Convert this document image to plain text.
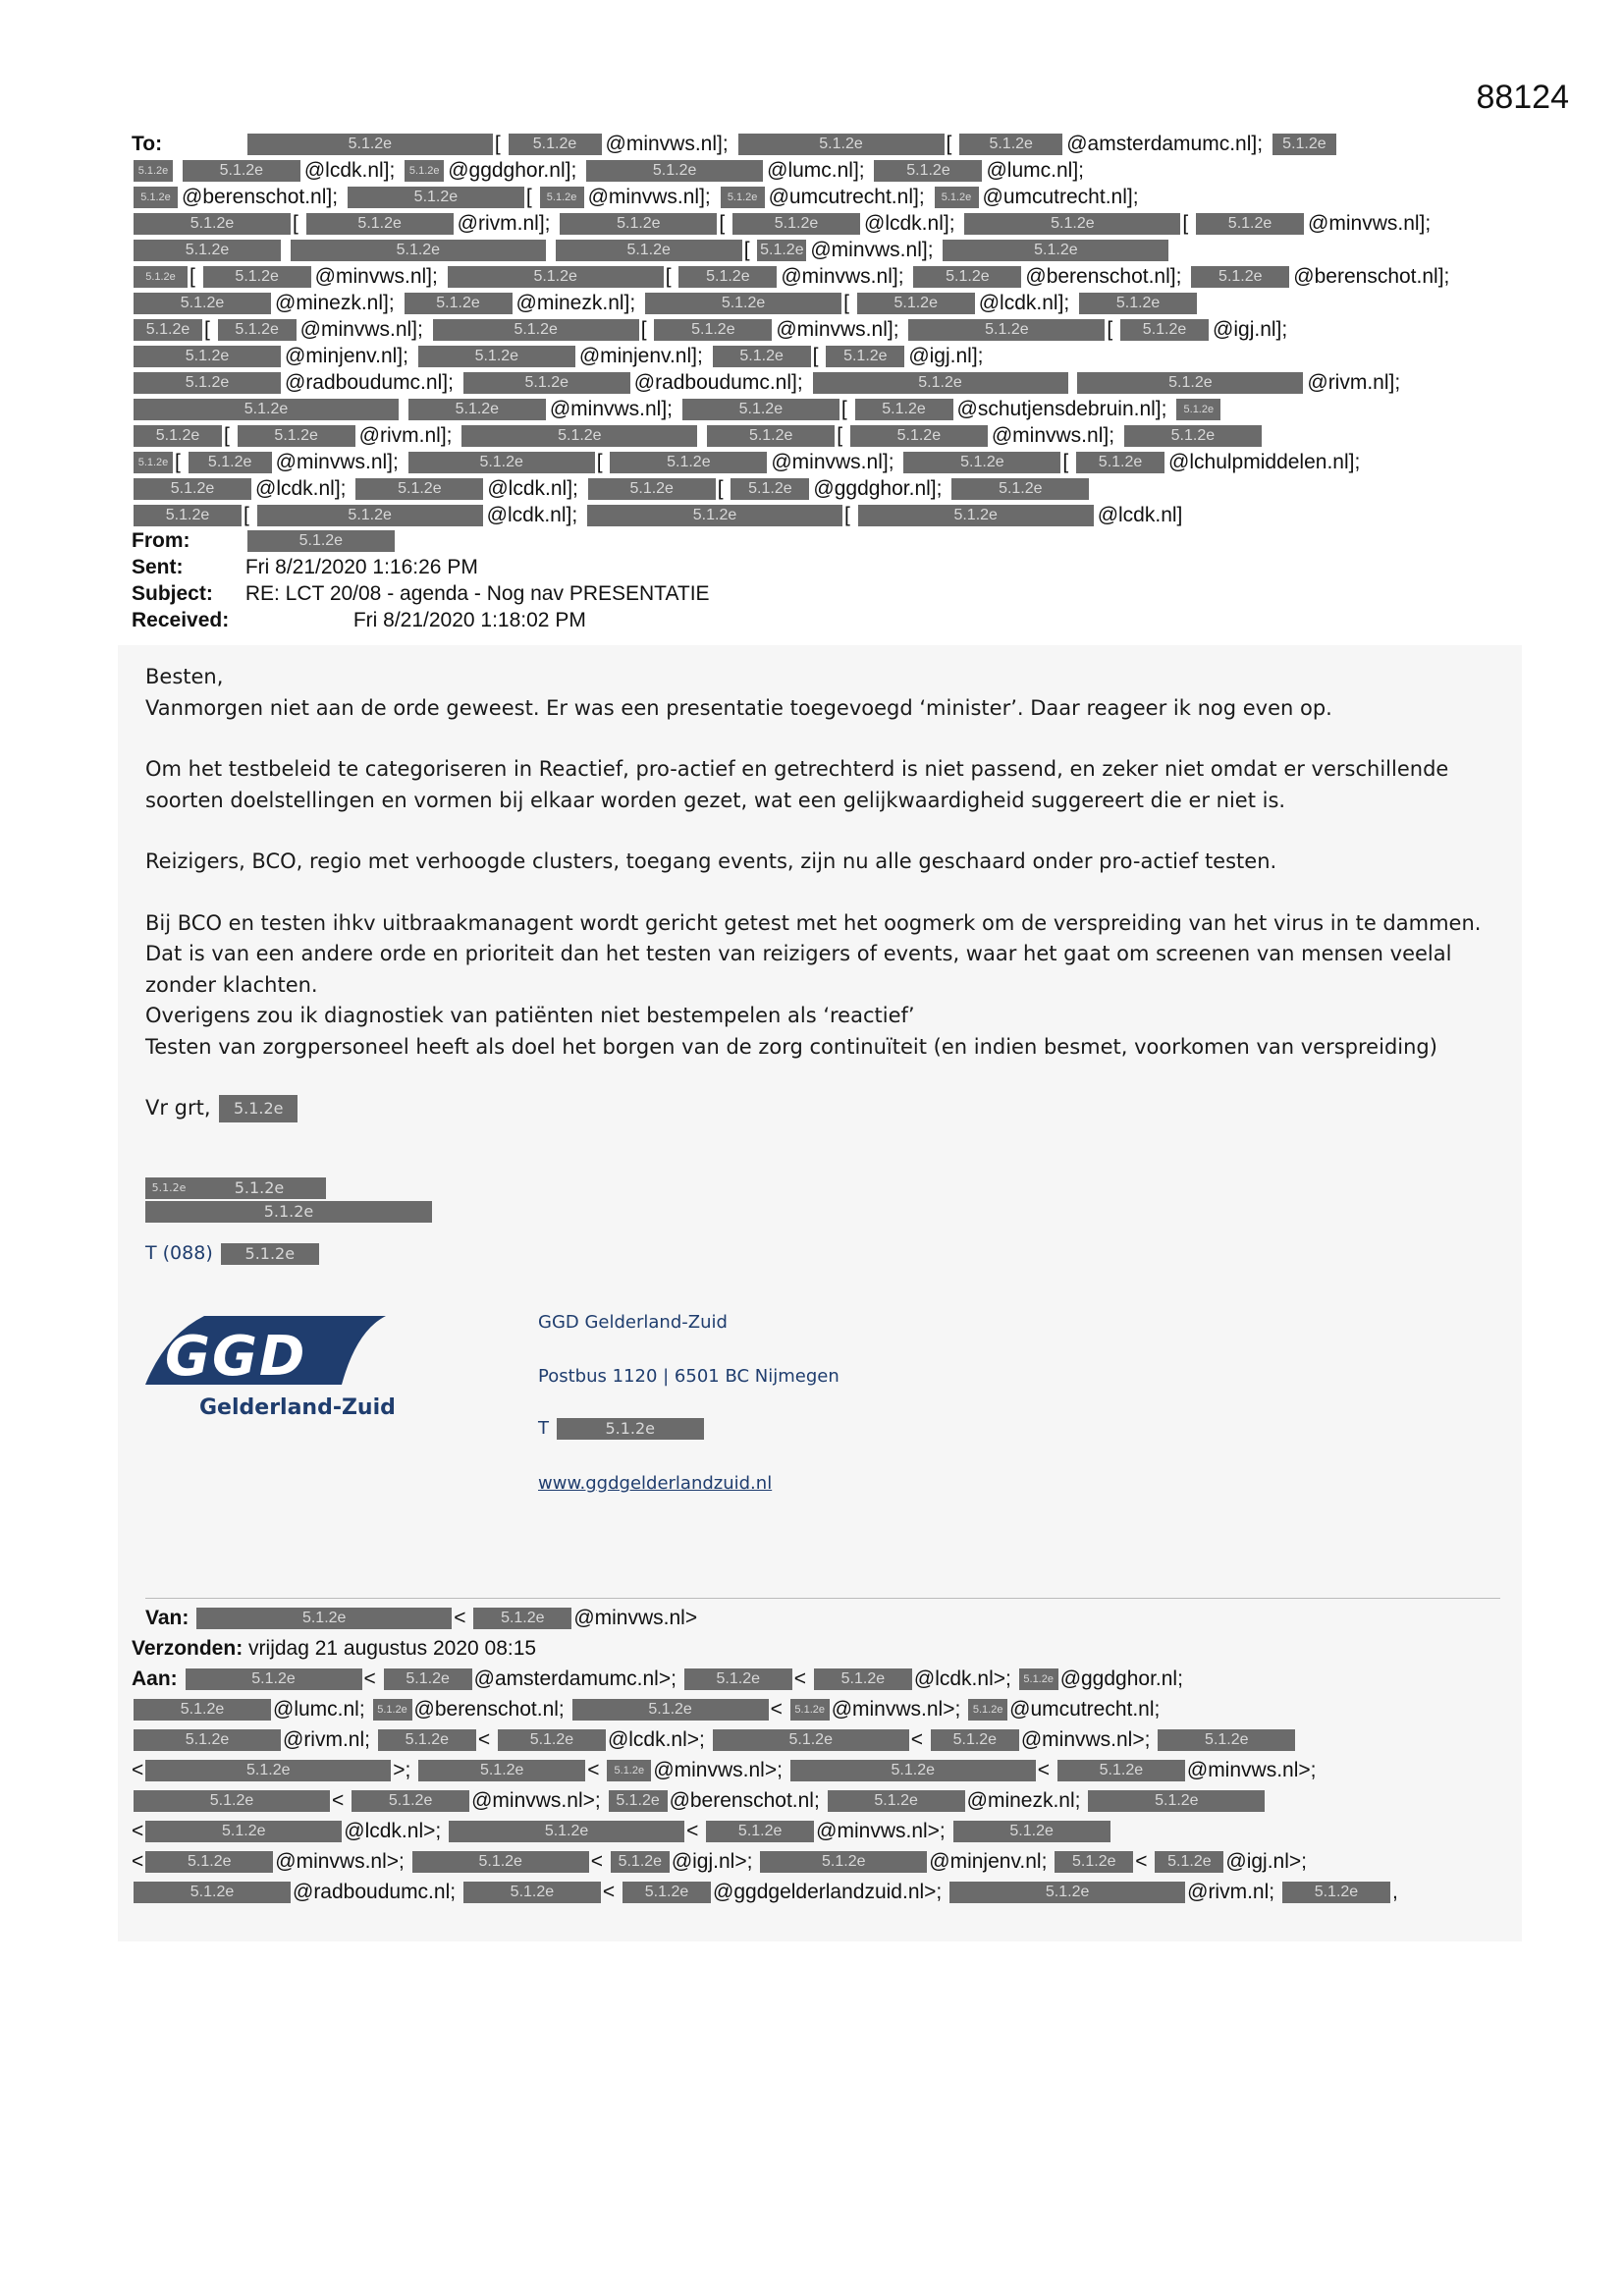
88124
To:	5.1.2e	[ 5.1.2e @minvws.nl];	5.1.2e	[ 5.1.2e @amsterdamumc.nl]; 5.1.2e
5.1.2e	5.1.2e @lcdk.nl]; 5.1.2e @ggdghor.nl];	5.1.2e	@lumc.nl];	5.1.2e @lumc.nl];
5.1.2e @berenschot.nl];	5.1.2e	[ 5.1.2e @minvws.nl]; 5.1.2e @umcutrecht.nl]; 5.1.2e @umcutrecht.nl];
5.1.2e	[	5.1.2e	@rivm.nl];	5.1.2e	[	5.1.2e @lcdk.nl];	5.1.2e	[ 5.1.2e @minvws.nl];
5.1.2e	5.1.2e	5.1.2e	[ 5.1.2e @minvws.nl];	5.1.2e
5.1.2e [ 5.1.2e @minvws.nl];	5.1.2e	[ 5.1.2e @minvws.nl];	5.1.2e @berenschot.nl]; 5.1.2e @berenschot.nl];
5.1.2e @minezk.nl];	5.1.2e @minezk.nl];	5.1.2e	[ 5.1.2e @lcdk.nl];	5.1.2e
5.1.2e [ 5.1.2e @minvws.nl];	5.1.2e	[ 5.1.2e @minvws.nl];	5.1.2e	[ 5.1.2e @igj.nl];
5.1.2e	@minjenv.nl];	5.1.2e	@minjenv.nl]; 5.1.2e [ 5.1.2e @igj.nl];
5.1.2e	@radboudumc.nl];	5.1.2e	@radboudumc.nl];	5.1.2e	5.1.2e	@rivm.nl];
5.1.2e	5.1.2e @minvws.nl];	5.1.2e	[ 5.1.2e @schutjensdebruin.nl]; 5.1.2e
5.1.2e [ 5.1.2e @rivm.nl];	5.1.2e	5.1.2e [	5.1.2e @minvws.nl];	5.1.2e
5.1.2e [ 5.1.2e @minvws.nl];	5.1.2e	[	5.1.2e	@minvws.nl];	5.1.2e	[ 5.1.2e @lchulpmiddelen.nl];
5.1.2e @lcdk.nl];	5.1.2e @lcdk.nl];	5.1.2e [ 5.1.2e @ggdghor.nl];	5.1.2e
5.1.2e [	5.1.2e	@lcdk.nl];	5.1.2e	[	5.1.2e	@lcdk.nl]
From:	5.1.2e
Sent:	Fri 8/21/2020 1:16:26 PM
Subject: RE: LCT 20/08 - agenda - Nog nav PRESENTATIE
Received:	Fri 8/21/2020 1:18:02 PM
Besten,

Vanmorgen niet aan de orde geweest. Er was een presentatie toegevoegd ‘minister’. Daar reageer ik nog even op.

Om het testbeleid te categoriseren in Reactief, pro-actief en getrechterd is niet passend, en zeker niet omdat er verschillende soorten doelstellingen en vormen bij elkaar worden gezet, wat een gelijkwaardigheid suggereert die er niet is.

Reizigers, BCO, regio met verhoogde clusters, toegang events, zijn nu alle geschaard onder pro-actief testen.

Bij BCO en testen ihkv uitbraakmanagent wordt gericht getest met het oogmerk om de verspreiding van het virus in te dammen.
Dat is van een andere orde en prioriteit dan het testen van reizigers of events, waar het gaat om screenen van mensen veelal zonder klachten.
Overigens zou ik diagnostiek van patiënten niet bestempelen als ‘reactief’

Testen van zorgpersoneel heeft als doel het borgen van de zorg continuïteit (en indien besmet, voorkomen van verspreiding)

Vr grt, 5.1.2e
5.1.2e	5.1.2e
5.1.2e
T (088) 5.1.2e
GGD
Gelderland-Zuid
GGD Gelderland-Zuid
Postbus 1120 | 6501 BC Nijmegen
T	5.1.2e
www.ggdgelderlandzuid.nl
Van:	5.1.2e	< 5.1.2e @minvws.nl>
Verzonden: vrijdag 21 augustus 2020 08:15
Aan:	5.1.2e	< 5.1.2e @amsterdamumc.nl>;	5.1.2e < 5.1.2e @lcdk.nl>; 5.1.2e @ggdghor.nl;
5.1.2e @lumc.nl; 5.1.2e @berenschot.nl;	5.1.2e	< 5.1.2e @minvws.nl>; 5.1.2e @umcutrecht.nl;
5.1.2e	@rivm.nl; 5.1.2e < 5.1.2e @lcdk.nl>;	5.1.2e	< 5.1.2e @minvws.nl>;	5.1.2e
<	5.1.2e	>;	5.1.2e	< 5.1.2e @minvws.nl>;	5.1.2e	<	5.1.2e @minvws.nl>;
5.1.2e	< 5.1.2e @minvws.nl>; 5.1.2e @berenschot.nl;	5.1.2e @minezk.nl;	5.1.2e
<	5.1.2e	@lcdk.nl>;	5.1.2e	< 5.1.2e @minvws.nl>;	5.1.2e
<	5.1.2e @minvws.nl>;	5.1.2e	< 5.1.2e @igj.nl>;	5.1.2e	@minjenv.nl; 5.1.2e < 5.1.2e @igj.nl>;
5.1.2e	@radboudumc.nl;	5.1.2e < 5.1.2e @ggdgelderlandzuid.nl>;	5.1.2e	@rivm.nl;	5.1.2e ,
